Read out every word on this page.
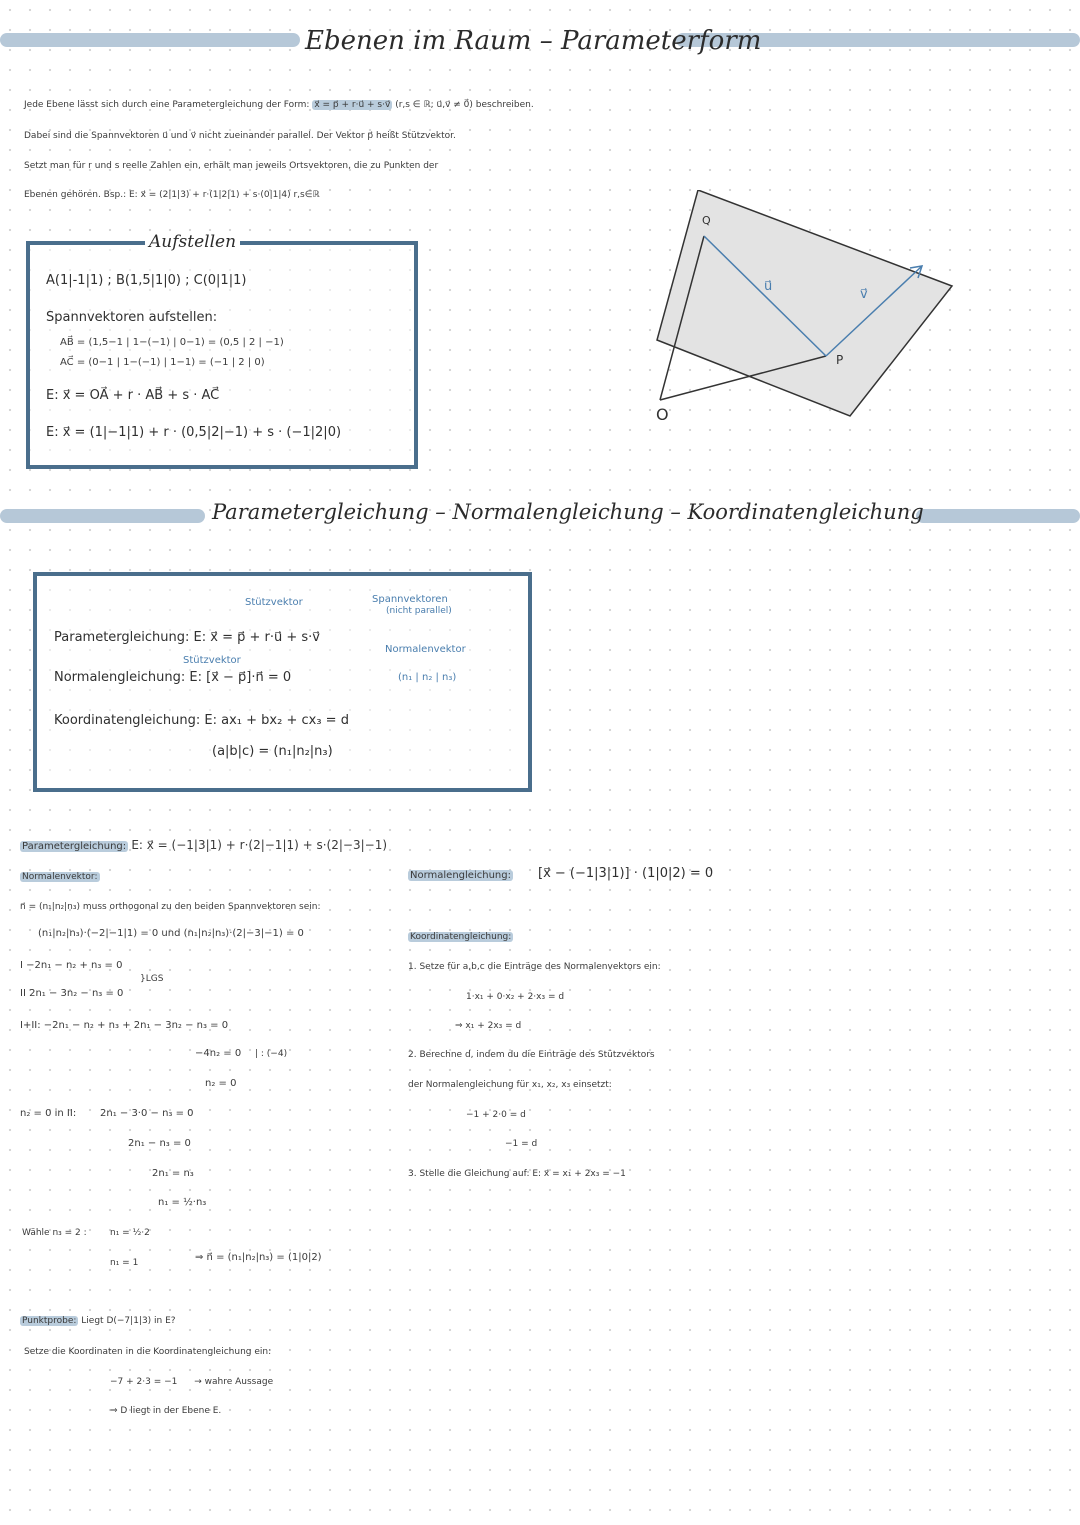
Ebenen im Raum – Parameterform
Jede Ebene lässt sich durch eine Parametergleichung der Form: x⃗ = p⃗ + r·u⃗ + s·v⃗ (r,s ∈ ℝ; u⃗,v⃗ ≠ 0⃗) beschreiben.
Dabei sind die Spannvektoren u⃗ und v⃗ nicht zueinander parallel. Der Vektor p⃗ heißt Stützvektor.
Setzt man für r und s reelle Zahlen ein, erhält man jeweils Ortsvektoren, die zu Punkten der
Ebenen gehören. Bsp.: E: x⃗ = (2|1|3) + r·(1|2|1) + s·(0|1|4) r,s∈ℝ
Aufstellen
A(1|-1|1) ; B(1,5|1|0) ; C(0|1|1)
Spannvektoren aufstellen:
AB⃗ = (1,5−1 | 1−(−1) | 0−1) = (0,5 | 2 | −1)
AC⃗ = (0−1 | 1−(−1) | 1−1) = (−1 | 2 | 0)
E: x⃗ = OA⃗ + r · AB⃗ + s · AC⃗
E: x⃗ = (1|−1|1) + r · (0,5|2|−1) + s · (−1|2|0)
Q
P
O
u⃗
v⃗
Parametergleichung – Normalengleichung – Koordinatengleichung
Stützvektor	Spannvektoren
(nicht parallel)
Parametergleichung: E: x⃗ = p⃗ + r·u⃗ + s·v⃗
Stützvektor
Normalenvektor
Normalengleichung: E: [x⃗ − p⃗]·n⃗ = 0	(n₁ | n₂ | n₃)
Koordinatengleichung: E: ax₁ + bx₂ + cx₃ = d
(a|b|c) = (n₁|n₂|n₃)
Parametergleichung: E: x⃗ = (−1|3|1) + r·(2|−1|1) + s·(2|−3|−1)
Normalenvektor:
n⃗ = (n₁|n₂|n₃) muss orthogonal zu den beiden Spannvektoren sein:
(n₁|n₂|n₃)·(−2|−1|1) = 0 und (n₁|n₂|n₃)·(2|−3|−1) = 0
I −2n₁ − n₂ + n₃ = 0
II 2n₁ − 3n₂ − n₃ = 0
}LGS
I+II: −2n₁ − n₂ + n₃ + 2n₁ − 3n₂ − n₃ = 0
−4n₂ = 0 | : (−4)
n₂ = 0
n₂ = 0 in II: 2n₁ − 3·0 − n₃ = 0
2n₁ − n₃ = 0
2n₁ = n₃
n₁ = ½·n₃
Wähle n₃ = 2 :	n₁ = ½·2
n₁ = 1	⇒ n⃗ = (n₁|n₂|n₃) = (1|0|2)
Punktprobe: Liegt D(−7|1|3) in E?
Setze die Koordinaten in die Koordinatengleichung ein:
−7 + 2·3 = −1 → wahre Aussage
⇒ D liegt in der Ebene E.
Normalengleichung: [x⃗ − (−1|3|1)] · (1|0|2) = 0
Koordinatengleichung:
1. Setze für a,b,c die Einträge des Normalenvektors ein:
1·x₁ + 0·x₂ + 2·x₃ = d
⇒ x₁ + 2x₃ = d
2. Berechne d, indem du die Einträge des Stützvektors
der Normalengleichung für x₁, x₂, x₃ einsetzt:
−1 + 2·0 = d
−1 = d
3. Stelle die Gleichung auf: E: x⃗ = x₁ + 2x₃ = −1
